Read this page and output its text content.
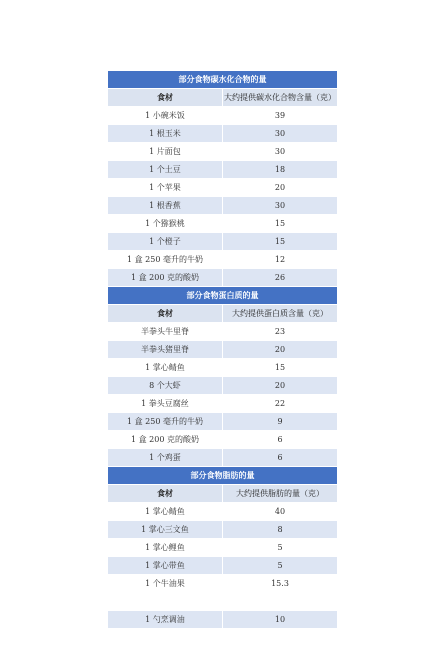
部分食物碳水化合物的量	
食材	大约提供碳水化合物含量（克）
1 小碗米饭	39
1 根玉米	30
1 片面包	30
1 个土豆	18
1 个苹果	20
1 根香蕉	30
1 个猕猴桃	15
1 个橙子	15
1 盒 250 毫升的牛奶	12
1 盒 200 克的酸奶	26
部分食物蛋白质的量	
食材	大约提供蛋白质含量（克）
半拳头牛里脊	23
半拳头猪里脊	20
1 掌心鲭鱼	15
8 个大虾	20
1 拳头豆腐丝	22
1 盒 250 毫升的牛奶	9
1 盒 200 克的酸奶	6
1 个鸡蛋	6
部分食物脂肪的量	
食材	大约提供脂肪的量（克）
1 掌心鲭鱼	40
1 掌心三文鱼	8
1 掌心鲤鱼	5
1 掌心带鱼	5
1 个牛油果	15.3

1 勺烹调油	10
